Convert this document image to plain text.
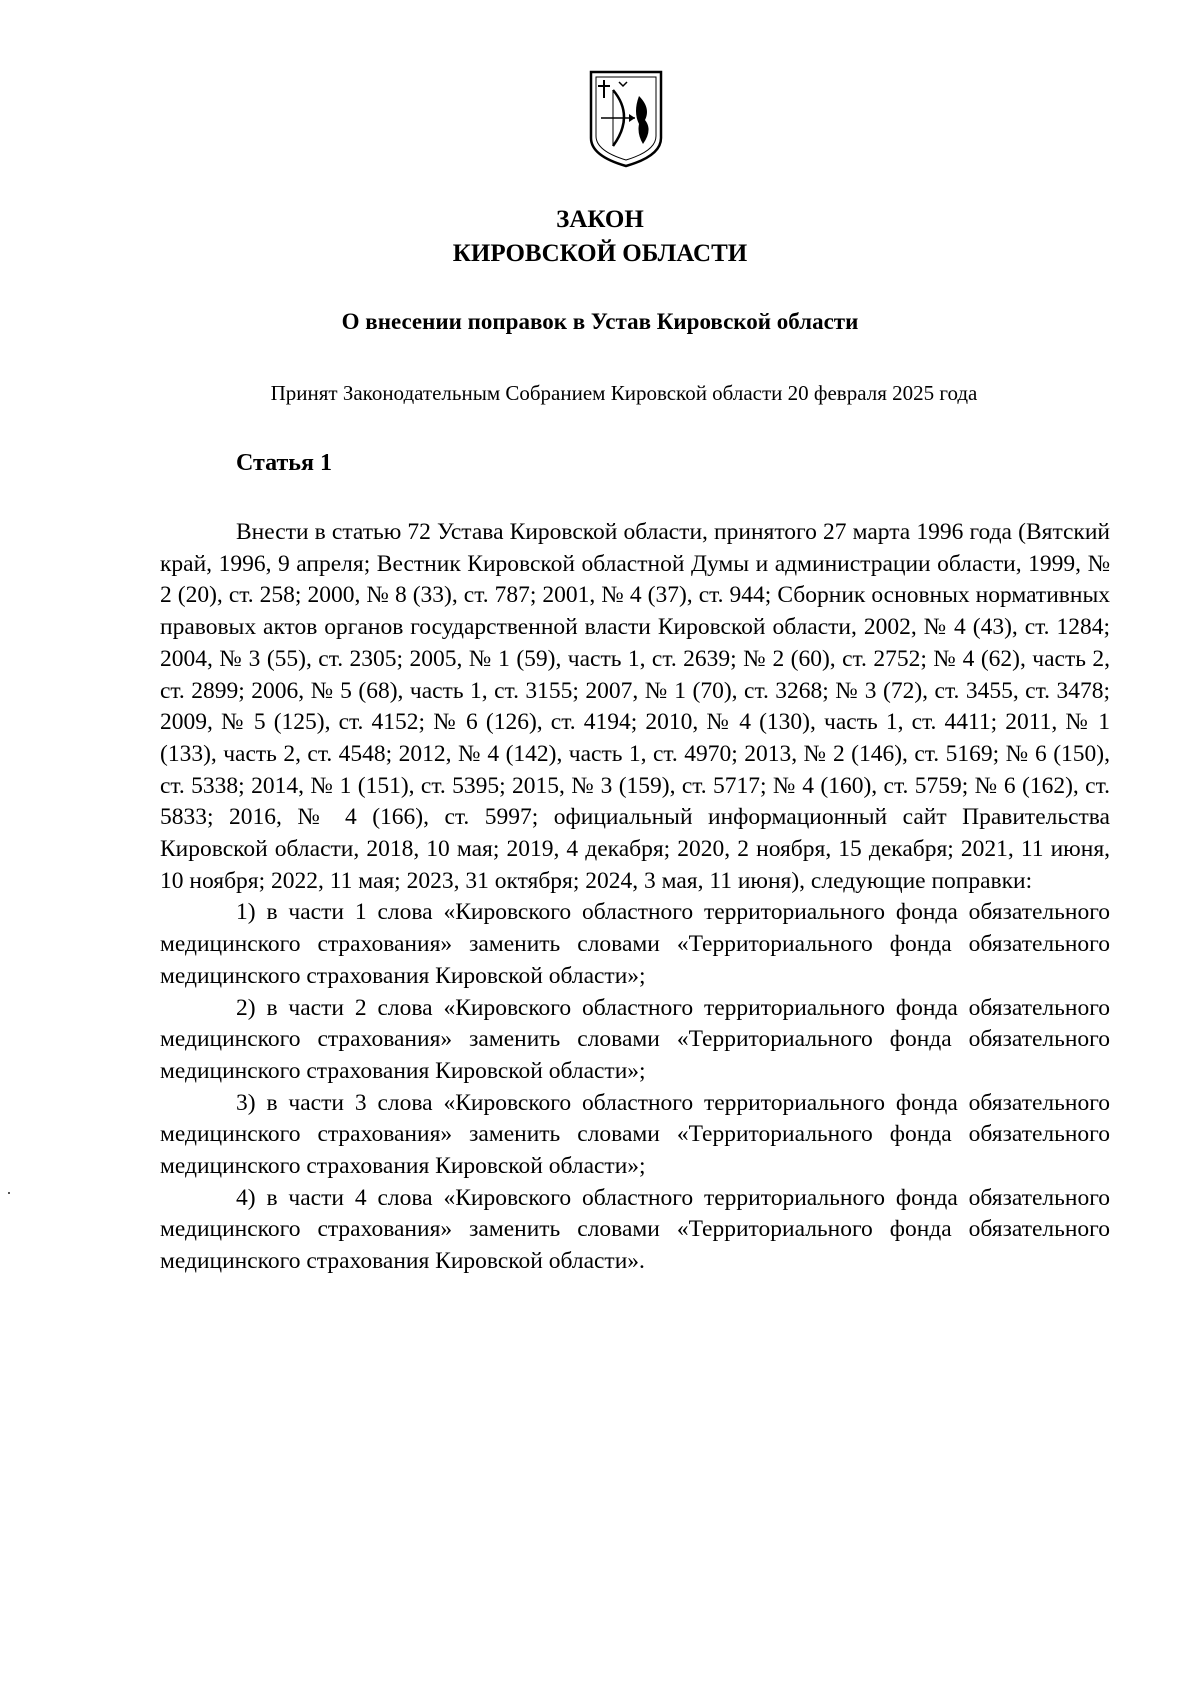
ЗАКОН
КИРОВСКОЙ ОБЛАСТИ
О внесении поправок в Устав Кировской области
Принят Законодательным Собранием Кировской области 20 февраля 2025 года
Статья 1

Внести в статью 72 Устава Кировской области, принятого 27 марта 1996 года (Вятский край, 1996, 9 апреля; Вестник Кировской областной Думы и администрации области, 1999, № 2 (20), ст. 258; 2000, № 8 (33), ст. 787; 2001, № 4 (37), ст. 944; Сборник основных нормативных правовых актов органов государственной власти Кировской области, 2002, № 4 (43), ст. 1284; 2004, № 3 (55), ст. 2305; 2005, № 1 (59), часть 1, ст. 2639; № 2 (60), ст. 2752; № 4 (62), часть 2, ст. 2899; 2006, № 5 (68), часть 1, ст. 3155; 2007, № 1 (70), ст. 3268; № 3 (72), ст. 3455, ст. 3478; 2009, № 5 (125), ст. 4152; № 6 (126), ст. 4194; 2010, № 4 (130), часть 1, ст. 4411; 2011, № 1 (133), часть 2, ст. 4548; 2012, № 4 (142), часть 1, ст. 4970; 2013, № 2 (146), ст. 5169; № 6 (150), ст. 5338; 2014, № 1 (151), ст. 5395; 2015, № 3 (159), ст. 5717; № 4 (160), ст. 5759; № 6 (162), ст. 5833; 2016, № 4 (166), ст. 5997; официальный информационный сайт Правительства Кировской области, 2018, 10 мая; 2019, 4 декабря; 2020, 2 ноября, 15 декабря; 2021, 11 июня, 10 ноября; 2022, 11 мая; 2023, 31 октября; 2024, 3 мая, 11 июня), следующие поправки:

1) в части 1 слова «Кировского областного территориального фонда обязательного медицинского страхования» заменить словами «Территориального фонда обязательного медицинского страхования Кировской области»;

2) в части 2 слова «Кировского областного территориального фонда обязательного медицинского страхования» заменить словами «Территориального фонда обязательного медицинского страхования Кировской области»;

3) в части 3 слова «Кировского областного территориального фонда обязательного медицинского страхования» заменить словами «Территориального фонда обязательного медицинского страхования Кировской области»;

4) в части 4 слова «Кировского областного территориального фонда обязательного медицинского страхования» заменить словами «Территориального фонда обязательного медицинского страхования Кировской области».
